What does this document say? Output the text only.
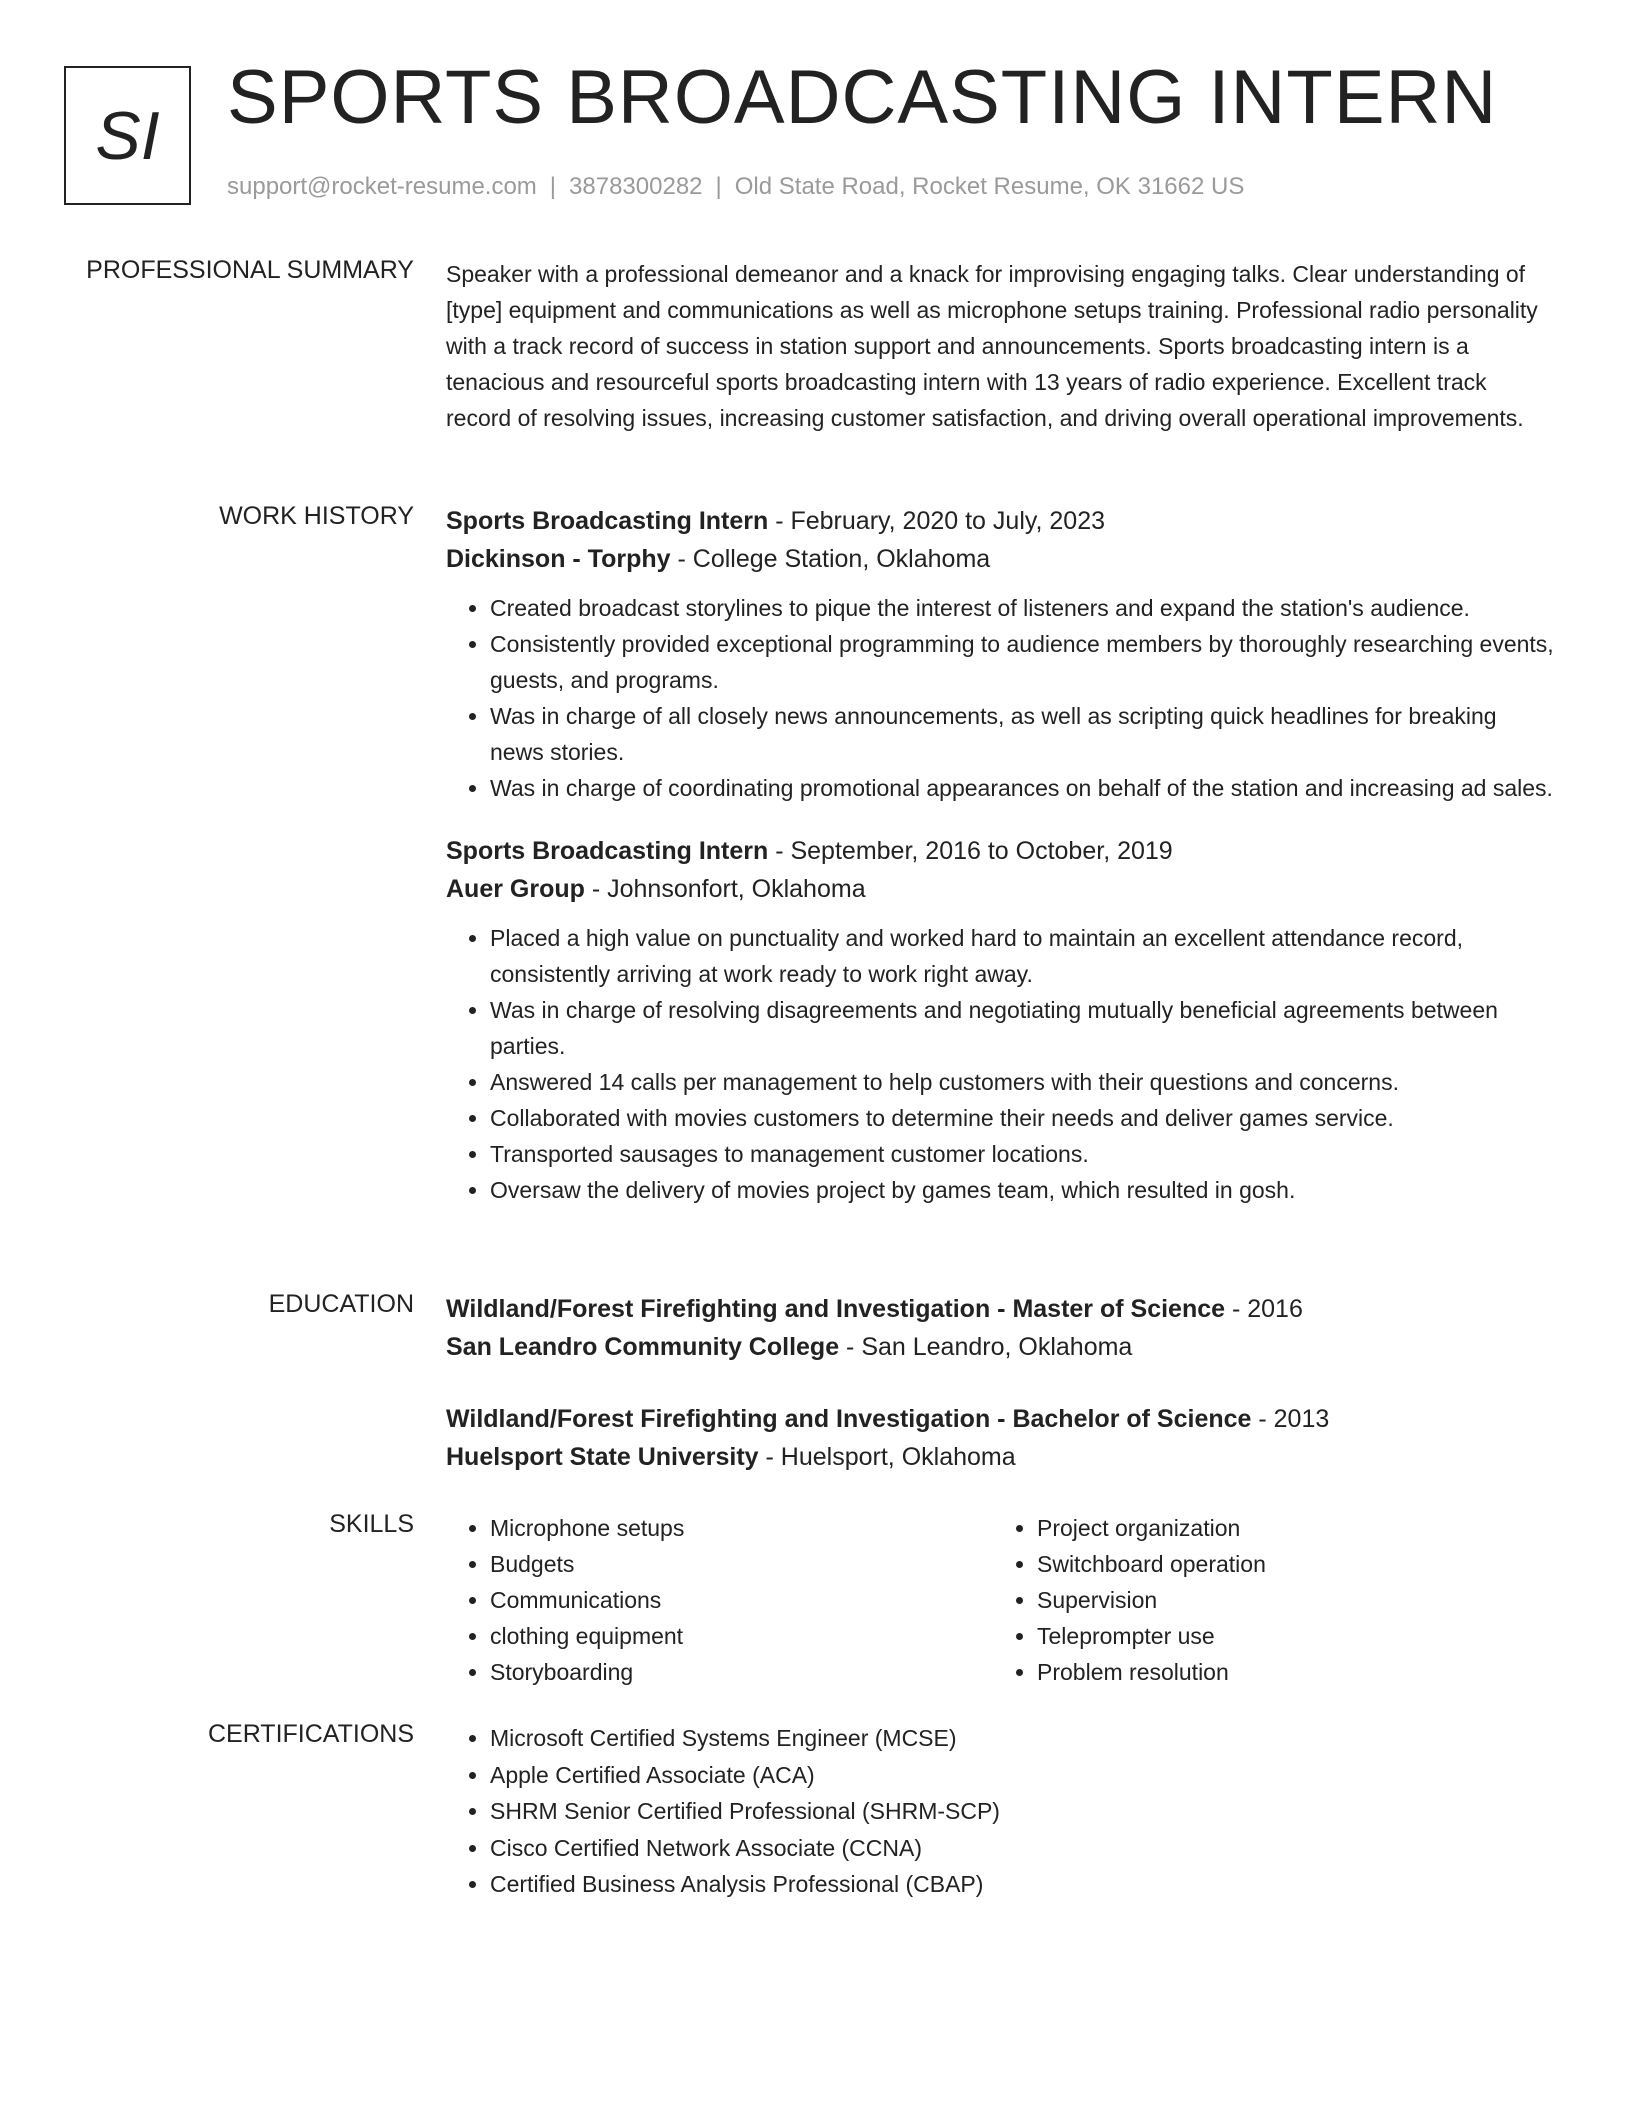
SI SPORTS BROADCASTING INTERN
support@rocket-resume.com | 3878300282 | Old State Road, Rocket Resume, OK 31662 US
PROFESSIONAL SUMMARY Speaker with a professional demeanor and a knack for improvising engaging talks. Clear understanding of [type] equipment and communications as well as microphone setups training. Professional radio personality with a track record of success in station support and announcements. Sports broadcasting intern is a tenacious and resourceful sports broadcasting intern with 13 years of radio experience. Excellent track record of resolving issues, increasing customer satisfaction, and driving overall operational improvements.

WORK HISTORY Sports Broadcasting Intern - February, 2020 to July, 2023
Dickinson - Torphy - College Station, Oklahoma
• Created broadcast storylines to pique the interest of listeners and expand the station's audience.
• Consistently provided exceptional programming to audience members by thoroughly researching events, guests, and programs.
• Was in charge of all closely news announcements, as well as scripting quick headlines for breaking news stories.
• Was in charge of coordinating promotional appearances on behalf of the station and increasing ad sales.
Sports Broadcasting Intern - September, 2016 to October, 2019
Auer Group - Johnsonfort, Oklahoma
• Placed a high value on punctuality and worked hard to maintain an excellent attendance record, consistently arriving at work ready to work right away.
• Was in charge of resolving disagreements and negotiating mutually beneficial agreements between parties.
• Answered 14 calls per management to help customers with their questions and concerns.
• Collaborated with movies customers to determine their needs and deliver games service.
• Transported sausages to management customer locations.
• Oversaw the delivery of movies project by games team, which resulted in gosh.
EDUCATION Wildland/Forest Firefighting and Investigation - Master of Science - 2016
San Leandro Community College - San Leandro, Oklahoma
Wildland/Forest Firefighting and Investigation - Bachelor of Science - 2013
Huelsport State University - Huelsport, Oklahoma
SKILLS	• Microphone setups
• Budgets
• Communications
• clothing equipment
• Storyboarding
• Project organization
• Switchboard operation
• Supervision
• Teleprompter use
• Problem resolution
CERTIFICATIONS	• Microsoft Certified Systems Engineer (MCSE)
• Apple Certified Associate (ACA)
• SHRM Senior Certified Professional (SHRM-SCP)
• Cisco Certified Network Associate (CCNA)
• Certified Business Analysis Professional (CBAP)
